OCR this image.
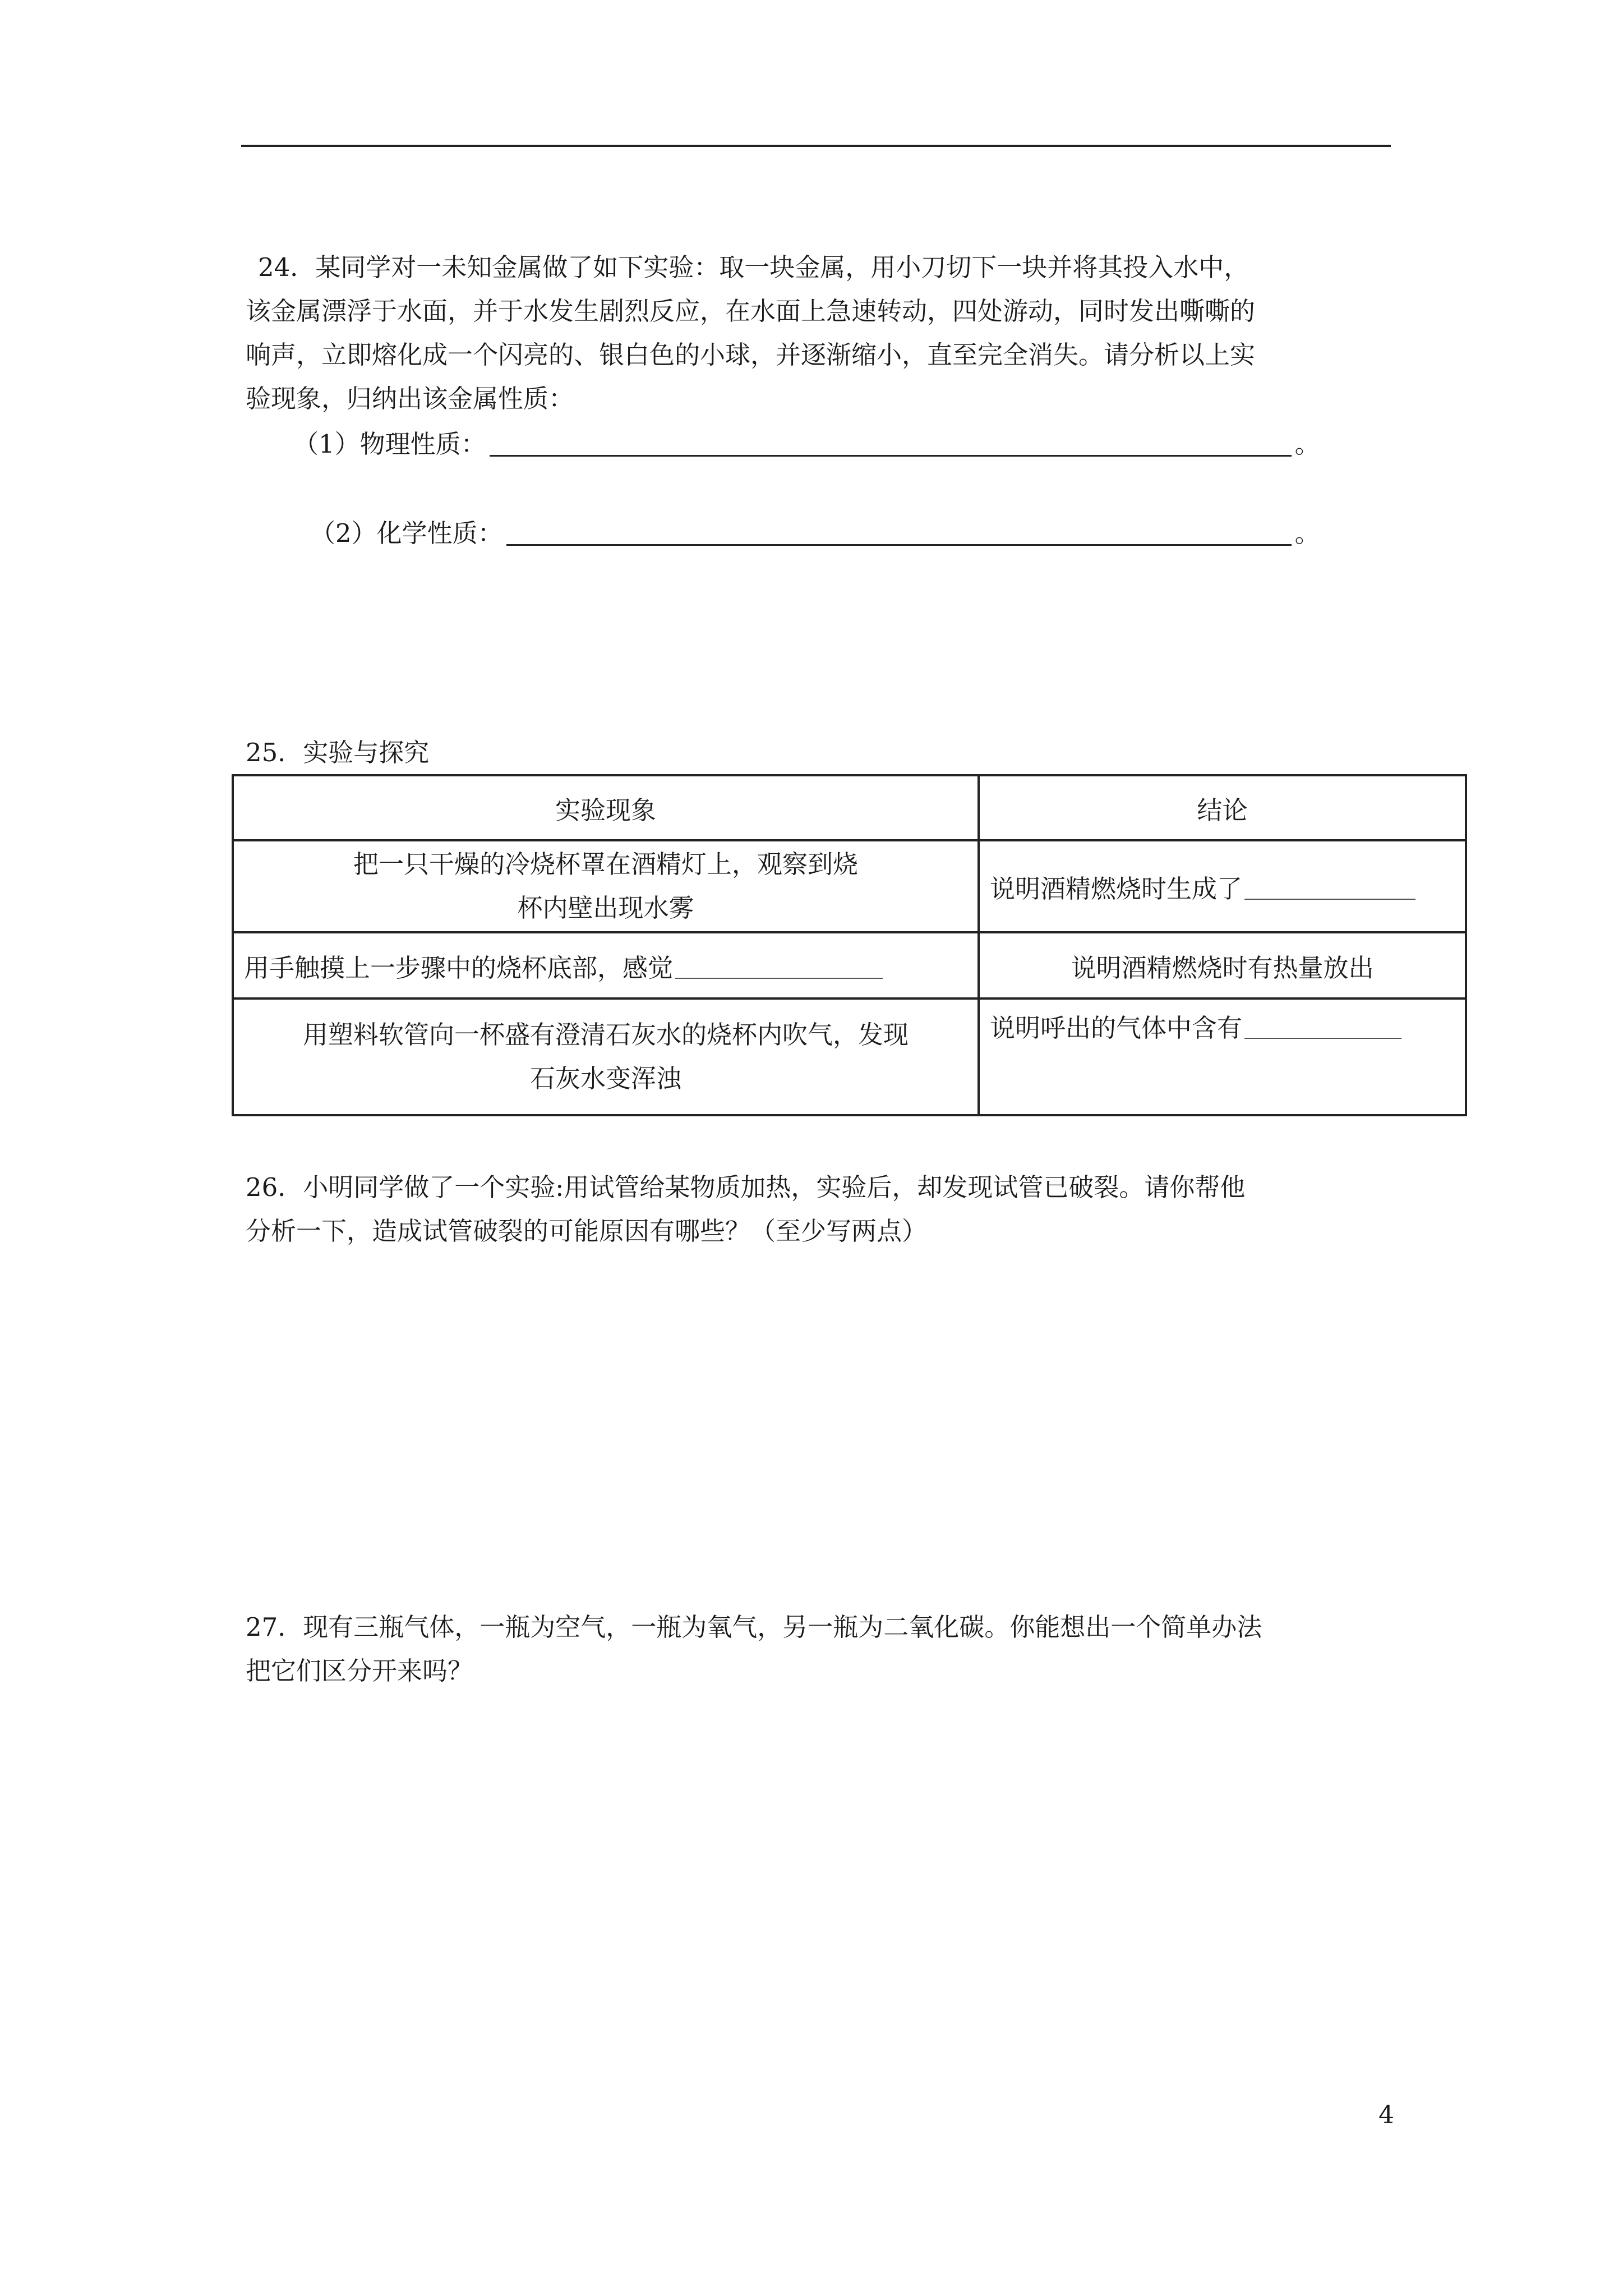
24．某同学对一未知金属做了如下实验：取一块金属，用小刀切下一块并将其投入水中，
该金属漂浮于水面，并于水发生剧烈反应，在水面上急速转动，四处游动，同时发出嘶嘶的
响声，立即熔化成一个闪亮的、银白色的小球，并逐渐缩小，直至完全消失。请分析以上实
验现象，归纳出该金属性质：
（1）物理性质：	。
（2）化学性质：	。
25．实验与探究
实验现象	结论

把一只干燥的冷烧杯罩在酒精灯上，观察到烧
杯内壁出现水雾	说明酒精燃烧时生成了
用手触摸上一步骤中的烧杯底部，感觉	说明酒精燃烧时有热量放出

用塑料软管向一杯盛有澄清石灰水的烧杯内吹气，发现
石灰水变浑浊	说明呼出的气体中含有
26．小明同学做了一个实验:用试管给某物质加热，实验后，却发现试管已破裂。请你帮他
分析一下，造成试管破裂的可能原因有哪些？（至少写两点）
27．现有三瓶气体，一瓶为空气，一瓶为氧气，另一瓶为二氧化碳。你能想出一个简单办法
把它们区分开来吗？
4
